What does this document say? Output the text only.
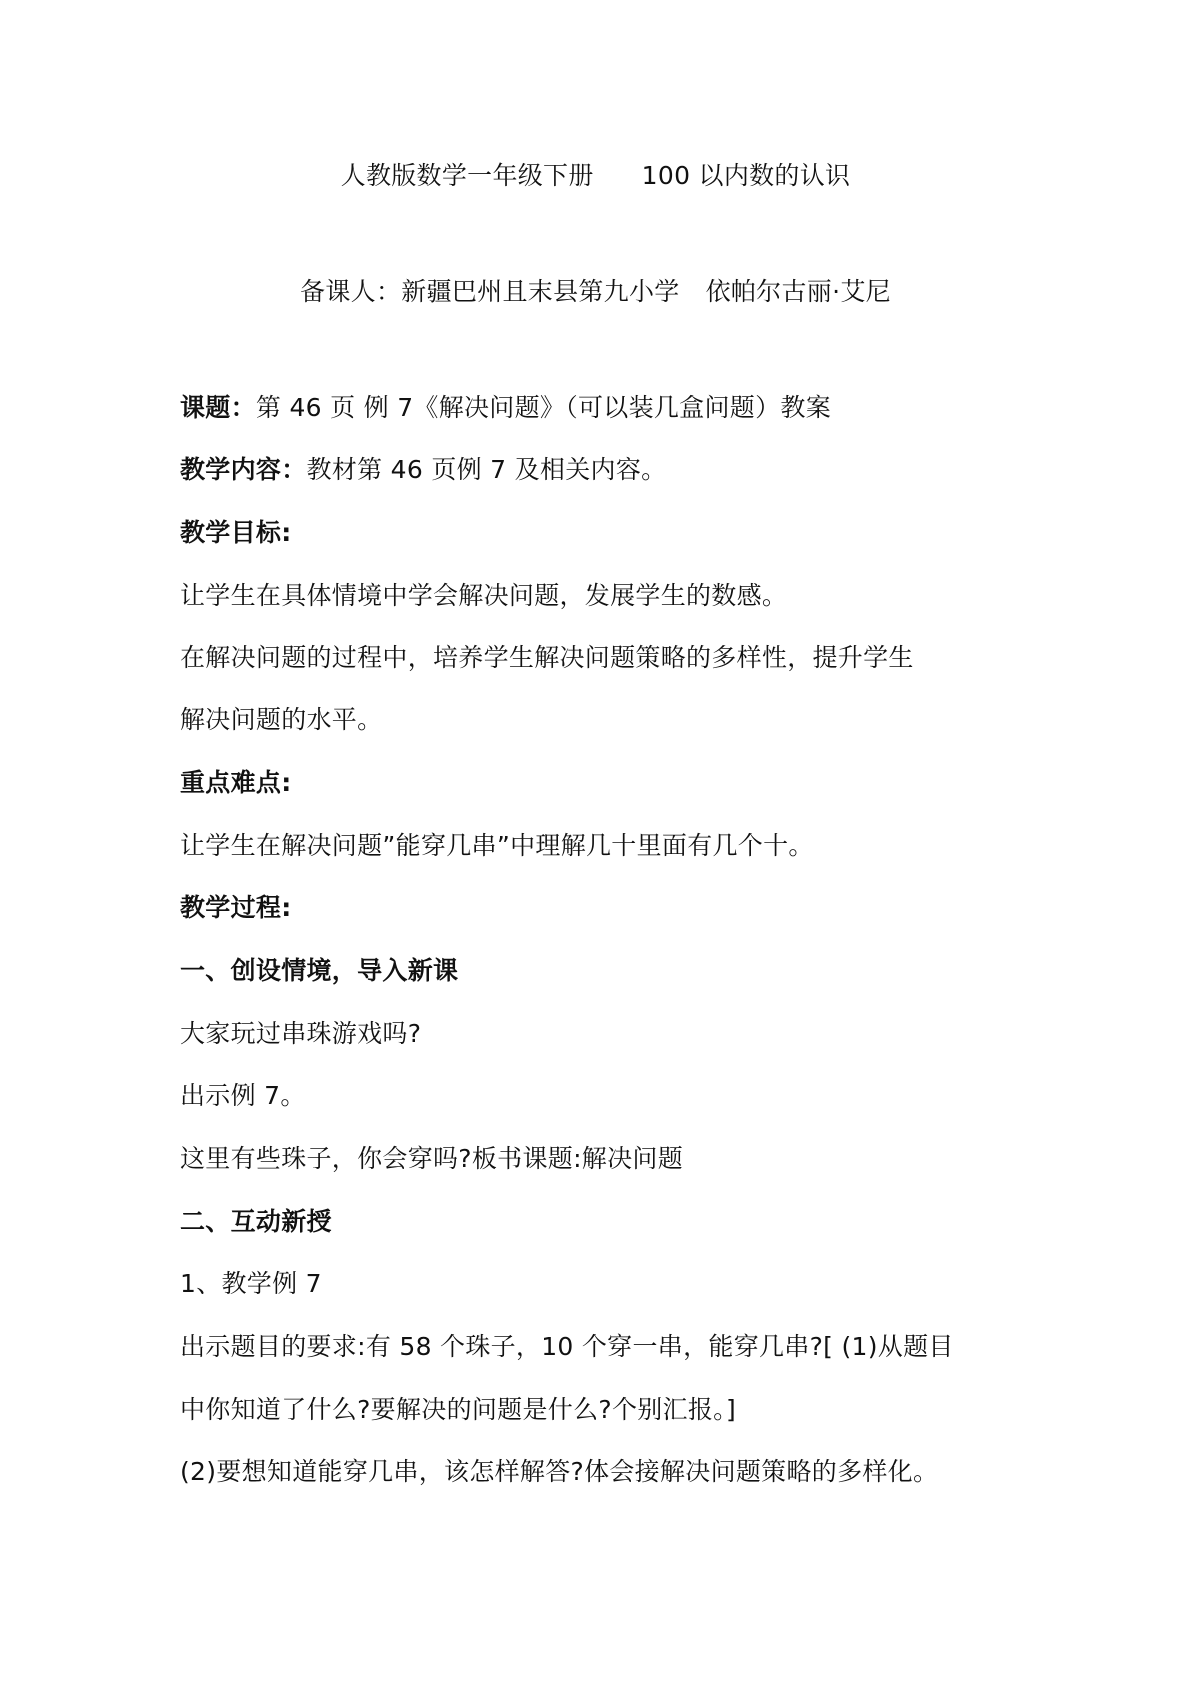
人教版数学一年级下册 100 以内数的认识
备课人：新疆巴州且末县第九小学 依帕尔古丽·艾尼
课题：第 46 页 例 7《解决问题》（可以装几盒问题）教案
教学内容：教材第 46 页例 7 及相关内容。
教学目标:
让学生在具体情境中学会解决问题，发展学生的数感。
在解决问题的过程中，培养学生解决问题策略的多样性，提升学生
解决问题的水平。
重点难点:
让学生在解决问题”能穿几串”中理解几十里面有几个十。
教学过程:
一、创设情境，导入新课
大家玩过串珠游戏吗?
出示例 7。
这里有些珠子，你会穿吗?板书课题:解决问题
二、互动新授
1、教学例 7
出示题目的要求:有 58 个珠子，10 个穿一串，能穿几串?[ (1)从题目
中你知道了什么?要解决的问题是什么?个别汇报。]
(2)要想知道能穿几串，该怎样解答?体会接解决问题策略的多样化。
